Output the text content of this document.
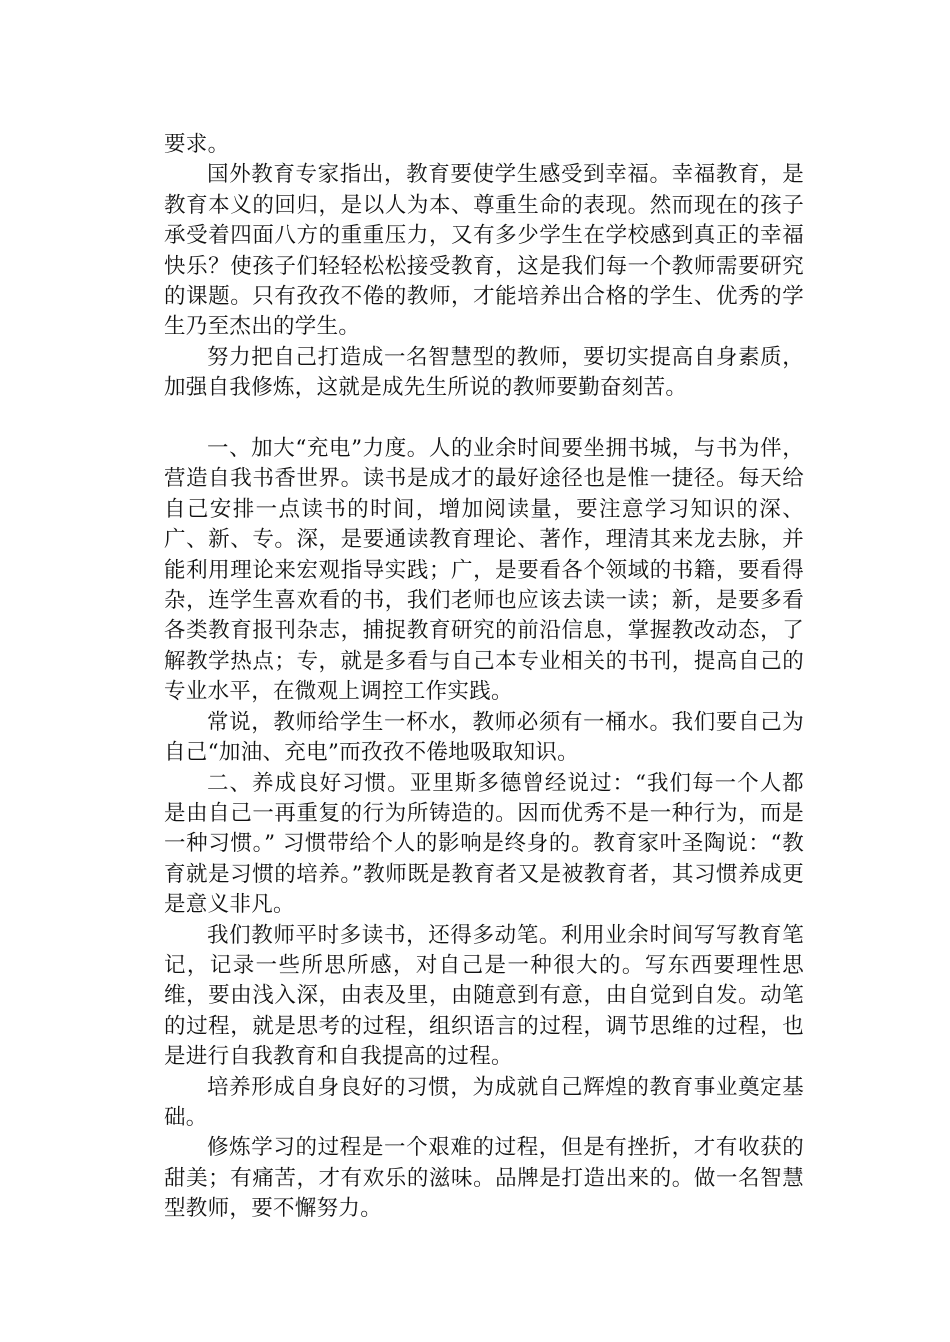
要求。

国外教育专家指出，教育要使学生感受到幸福。幸福教育，是教育本义的回归，是以人为本、尊重生命的表现。然而现在的孩子承受着四面八方的重重压力，又有多少学生在学校感到真正的幸福快乐？使孩子们轻轻松松接受教育，这是我们每一个教师需要研究的课题。只有孜孜不倦的教师，才能培养出合格的学生、优秀的学生乃至杰出的学生。

努力把自己打造成一名智慧型的教师，要切实提高自身素质，加强自我修炼，这就是成先生所说的教师要勤奋刻苦。

一、加大“充电”力度。人的业余时间要坐拥书城，与书为伴，营造自我书香世界。读书是成才的最好途径也是惟一捷径。每天给自己安排一点读书的时间，增加阅读量，要注意学习知识的深、广、新、专。深，是要通读教育理论、著作，理清其来龙去脉，并能利用理论来宏观指导实践；广，是要看各个领域的书籍，要看得杂，连学生喜欢看的书，我们老师也应该去读一读；新，是要多看各类教育报刊杂志，捕捉教育研究的前沿信息，掌握教改动态，了解教学热点；专，就是多看与自己本专业相关的书刊，提高自己的专业水平，在微观上调控工作实践。

常说，教师给学生一杯水，教师必须有一桶水。我们要自己为自己“加油、充电”而孜孜不倦地吸取知识。

二、养成良好习惯。亚里斯多德曾经说过：“我们每一个人都是由自己一再重复的行为所铸造的。因而优秀不是一种行为，而是一种习惯。” 习惯带给个人的影响是终身的。教育家叶圣陶说：“教育就是习惯的培养。”教师既是教育者又是被教育者，其习惯养成更是意义非凡。

我们教师平时多读书，还得多动笔。利用业余时间写写教育笔记，记录一些所思所感，对自己是一种很大的。写东西要理性思维，要由浅入深，由表及里，由随意到有意，由自觉到自发。动笔的过程，就是思考的过程，组织语言的过程，调节思维的过程，也是进行自我教育和自我提高的过程。

培养形成自身良好的习惯，为成就自己辉煌的教育事业奠定基础。

修炼学习的过程是一个艰难的过程，但是有挫折，才有收获的甜美；有痛苦，才有欢乐的滋味。品牌是打造出来的。做一名智慧型教师，要不懈努力。
